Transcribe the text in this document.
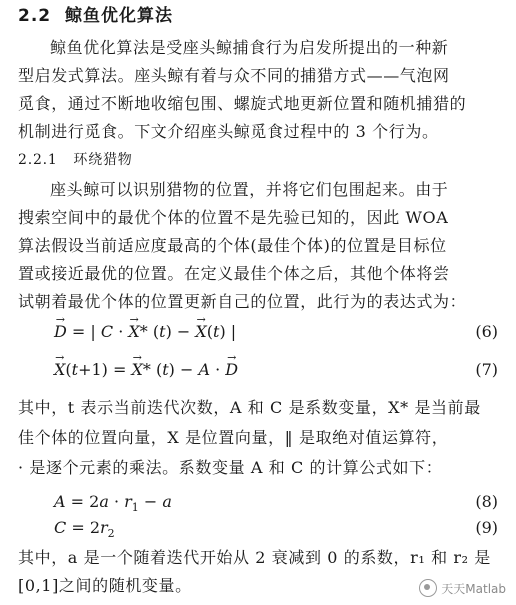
2.2 鲸鱼优化算法
鲸鱼优化算法是受座头鲸捕食行为启发所提出的一种新
型启发式算法。座头鲸有着与众不同的捕猎方式——气泡网
觅食，通过不断地收缩包围、螺旋式地更新位置和随机捕猎的
机制进行觅食。下文介绍座头鲸觅食过程中的 3 个行为。
2.2.1 环绕猎物
座头鲸可以识别猎物的位置，并将它们包围起来。由于
搜索空间中的最优个体的位置不是先验已知的，因此 WOA
算法假设当前适应度最高的个体(最佳个体)的位置是目标位
置或接近最优的位置。在定义最佳个体之后，其他个体将尝
试朝着最优个体的位置更新自己的位置，此行为的表达式为：
→ D = | C · → X* (t) − → X(t) |	(6)
→ X(t+1) = → X* (t) − A · → D	(7)
其中，t 表示当前迭代次数，A 和 C 是系数变量，X* 是当前最
佳个体的位置向量，X 是位置向量，‖ 是取绝对值运算符，
· 是逐个元素的乘法。系数变量 A 和 C 的计算公式如下：
$A = 2a \cdot r_1 - a$	(8)
$C = 2r_2$	(9)
其中，a 是一个随着迭代开始从 2 衰减到 0 的系数，r₁ 和 r₂ 是
[0,1]之间的随机变量。	天天Matlab
